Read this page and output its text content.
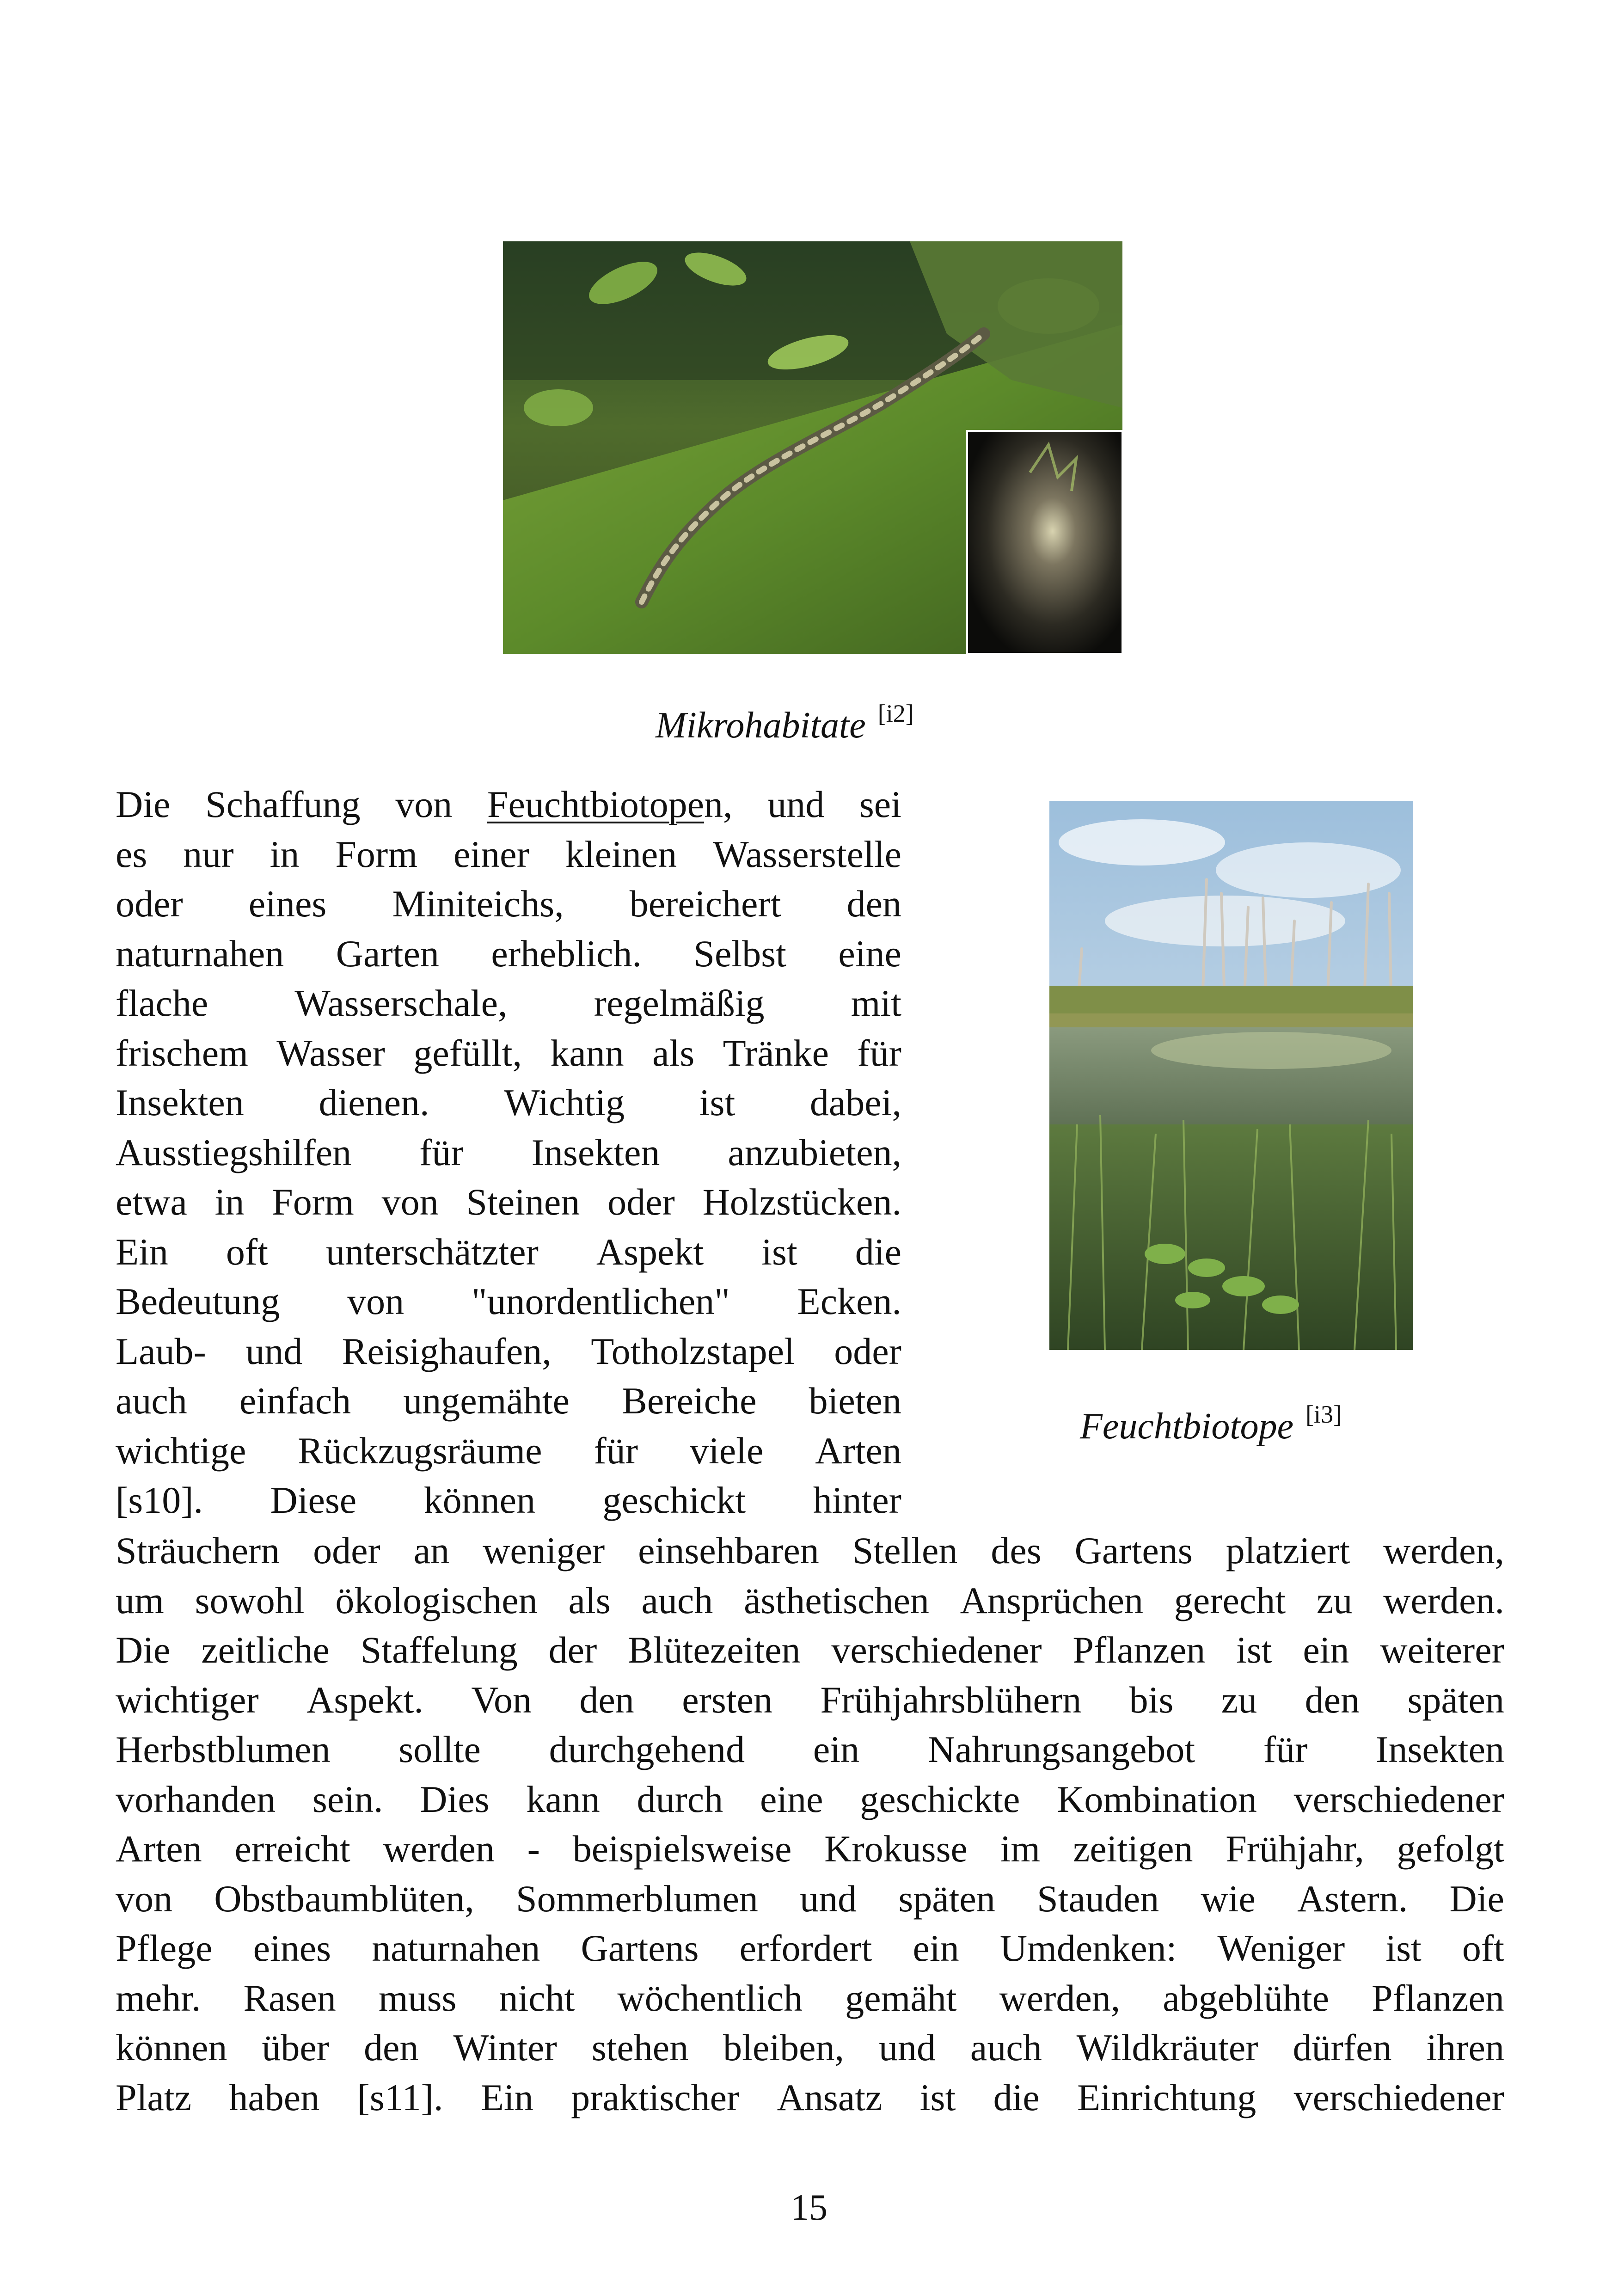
Mikrohabitate [i2]
Feuchtbiotope [i3]
Die Schaffung von Feuchtbiotopen, und sei
es nur in Form einer kleinen Wasserstelle
oder eines Miniteichs, bereichert den
naturnahen Garten erheblich. Selbst eine
flache Wasserschale, regelmäßig mit
frischem Wasser gefüllt, kann als Tränke für
Insekten dienen. Wichtig ist dabei,
Ausstiegshilfen für Insekten anzubieten,
etwa in Form von Steinen oder Holzstücken.
Ein oft unterschätzter Aspekt ist die
Bedeutung von "unordentlichen" Ecken.
Laub- und Reisighaufen, Totholzstapel oder
auch einfach ungemähte Bereiche bieten
wichtige Rückzugsräume für viele Arten
[s10]. Diese können geschickt hinter
Sträuchern oder an weniger einsehbaren Stellen des Gartens platziert werden,
um sowohl ökologischen als auch ästhetischen Ansprüchen gerecht zu werden.
Die zeitliche Staffelung der Blütezeiten verschiedener Pflanzen ist ein weiterer
wichtiger Aspekt. Von den ersten Frühjahrsblühern bis zu den späten
Herbstblumen sollte durchgehend ein Nahrungsangebot für Insekten
vorhanden sein. Dies kann durch eine geschickte Kombination verschiedener
Arten erreicht werden - beispielsweise Krokusse im zeitigen Frühjahr, gefolgt
von Obstbaumblüten, Sommerblumen und späten Stauden wie Astern. Die
Pflege eines naturnahen Gartens erfordert ein Umdenken: Weniger ist oft
mehr. Rasen muss nicht wöchentlich gemäht werden, abgeblühte Pflanzen
können über den Winter stehen bleiben, und auch Wildkräuter dürfen ihren
Platz haben [s11]. Ein praktischer Ansatz ist die Einrichtung verschiedener
15
